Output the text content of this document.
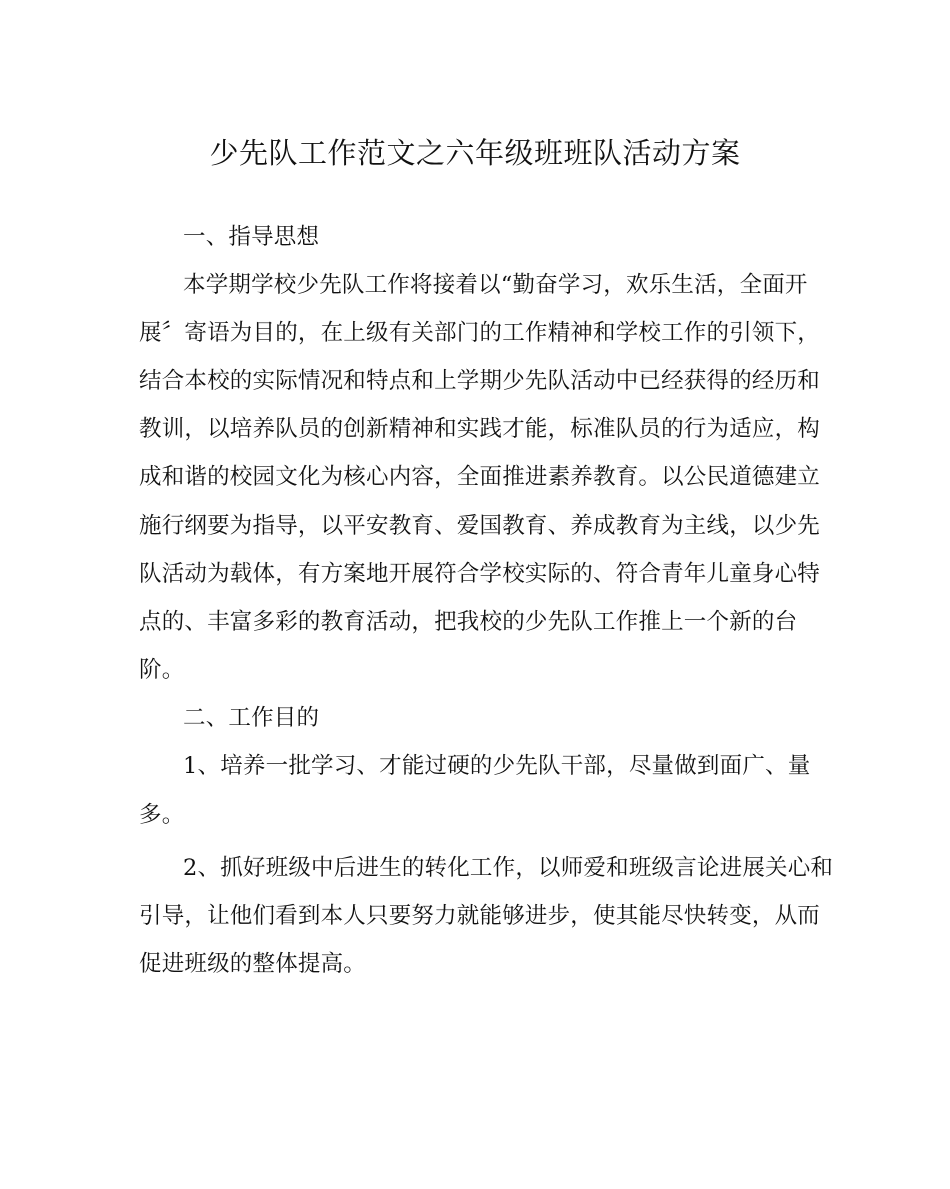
少先队工作范文之六年级班班队活动方案
一、指导思想
本学期学校少先队工作将接着以“勤奋学习，欢乐生活，全面开
展〞寄语为目的，在上级有关部门的工作精神和学校工作的引领下，
结合本校的实际情况和特点和上学期少先队活动中已经获得的经历和
教训，以培养队员的创新精神和实践才能，标准队员的行为适应，构
成和谐的校园文化为核心内容，全面推进素养教育。以公民道德建立
施行纲要为指导，以平安教育、爱国教育、养成教育为主线，以少先
队活动为载体，有方案地开展符合学校实际的、符合青年儿童身心特
点的、丰富多彩的教育活动，把我校的少先队工作推上一个新的台
阶。
二、工作目的
1、培养一批学习、才能过硬的少先队干部，尽量做到面广、量
多。
2、抓好班级中后进生的转化工作，以师爱和班级言论进展关心和
引导，让他们看到本人只要努力就能够进步，使其能尽快转变，从而
促进班级的整体提高。
